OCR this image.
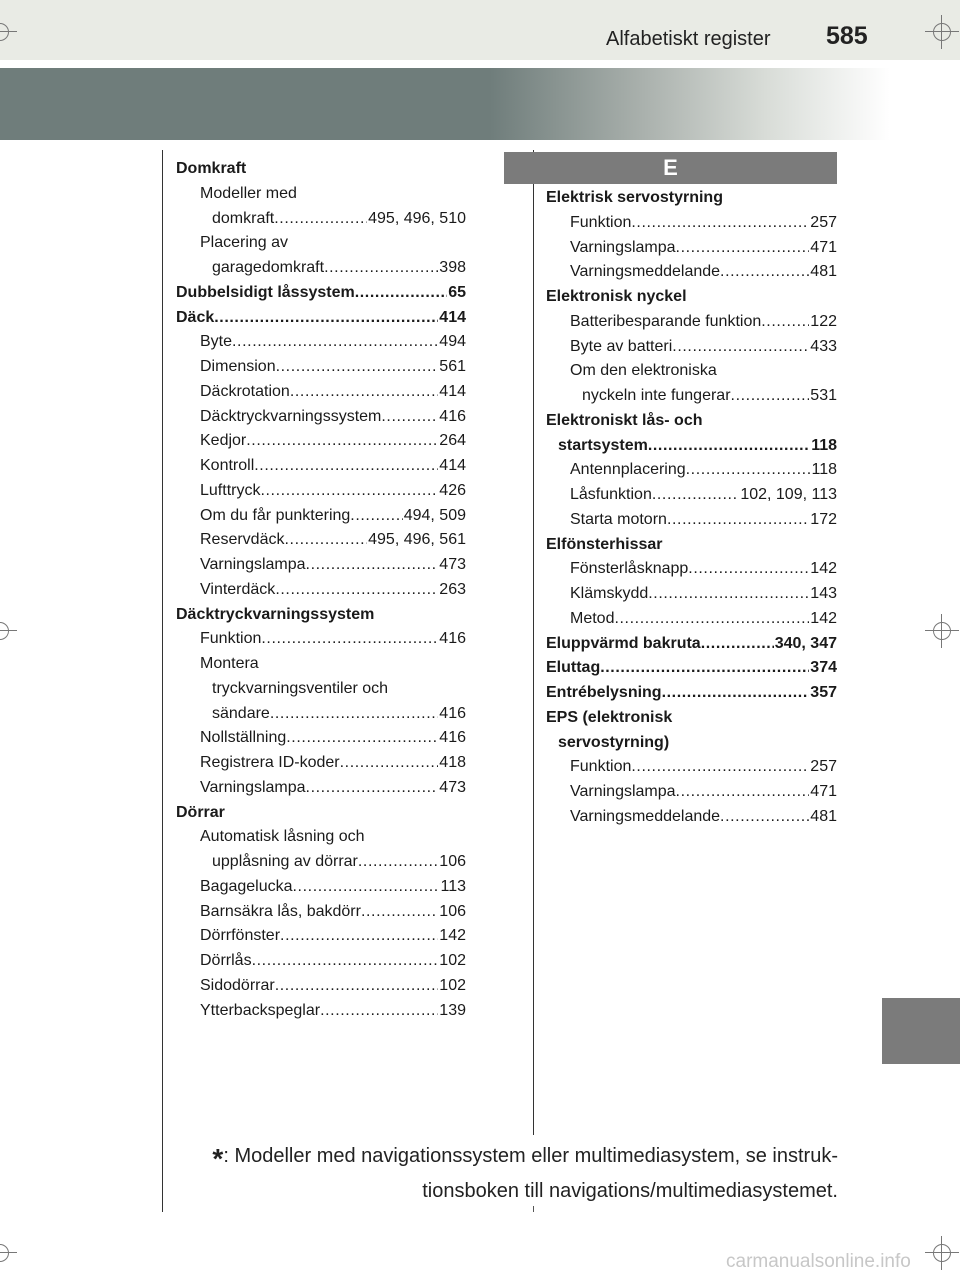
Alfabetiskt register 585
E
Domkraft
Modeller med
domkraft .....	495, 496, 510
Placering av
garagedomkraft .....	398
Dubbelsidigt låssystem .....	65
Däck .....	414
Byte .....	494
Dimension .....	561
Däckrotation .....	414
Däcktryckvarningssystem .....	416
Kedjor .....	264
Kontroll .....	414
Lufttryck .....	426
Om du får punktering .....	494, 509
Reservdäck .....	495, 496, 561
Varningslampa .....	473
Vinterdäck .....	263
Däcktryckvarningssystem
Funktion .....	416
Montera
tryckvarningsventiler och
sändare .....	416
Nollställning .....	416
Registrera ID-koder .....	418
Varningslampa .....	473
Dörrar
Automatisk låsning och
upplåsning av dörrar .....	106
Bagagelucka .....	113
Barnsäkra lås, bakdörr .....	106
Dörrfönster .....	142
Dörrlås .....	102
Sidodörrar .....	102
Ytterbackspeglar .....	139
Elektrisk servostyrning
Funktion .....	257
Varningslampa .....	471
Varningsmeddelande .....	481
Elektronisk nyckel
Batteribesparande funktion .....	122
Byte av batteri .....	433
Om den elektroniska
nyckeln inte fungerar .....	531
Elektroniskt lås- och
startsystem .....	118
Antennplacering .....	118
Låsfunktion .....	102, 109, 113
Starta motorn .....	172
Elfönsterhissar
Fönsterlåsknapp .....	142
Klämskydd .....	143
Metod .....	142
Eluppvärmd bakruta .....	340, 347
Eluttag .....	374
Entrébelysning .....	357
EPS (elektronisk
servostyrning)
Funktion .....	257
Varningslampa .....	471
Varningsmeddelande .....	481
*: Modeller med navigationssystem eller multimediasystem, se instruk-
tionsboken till navigations/multimediasystemet.
carmanualsonline.info
